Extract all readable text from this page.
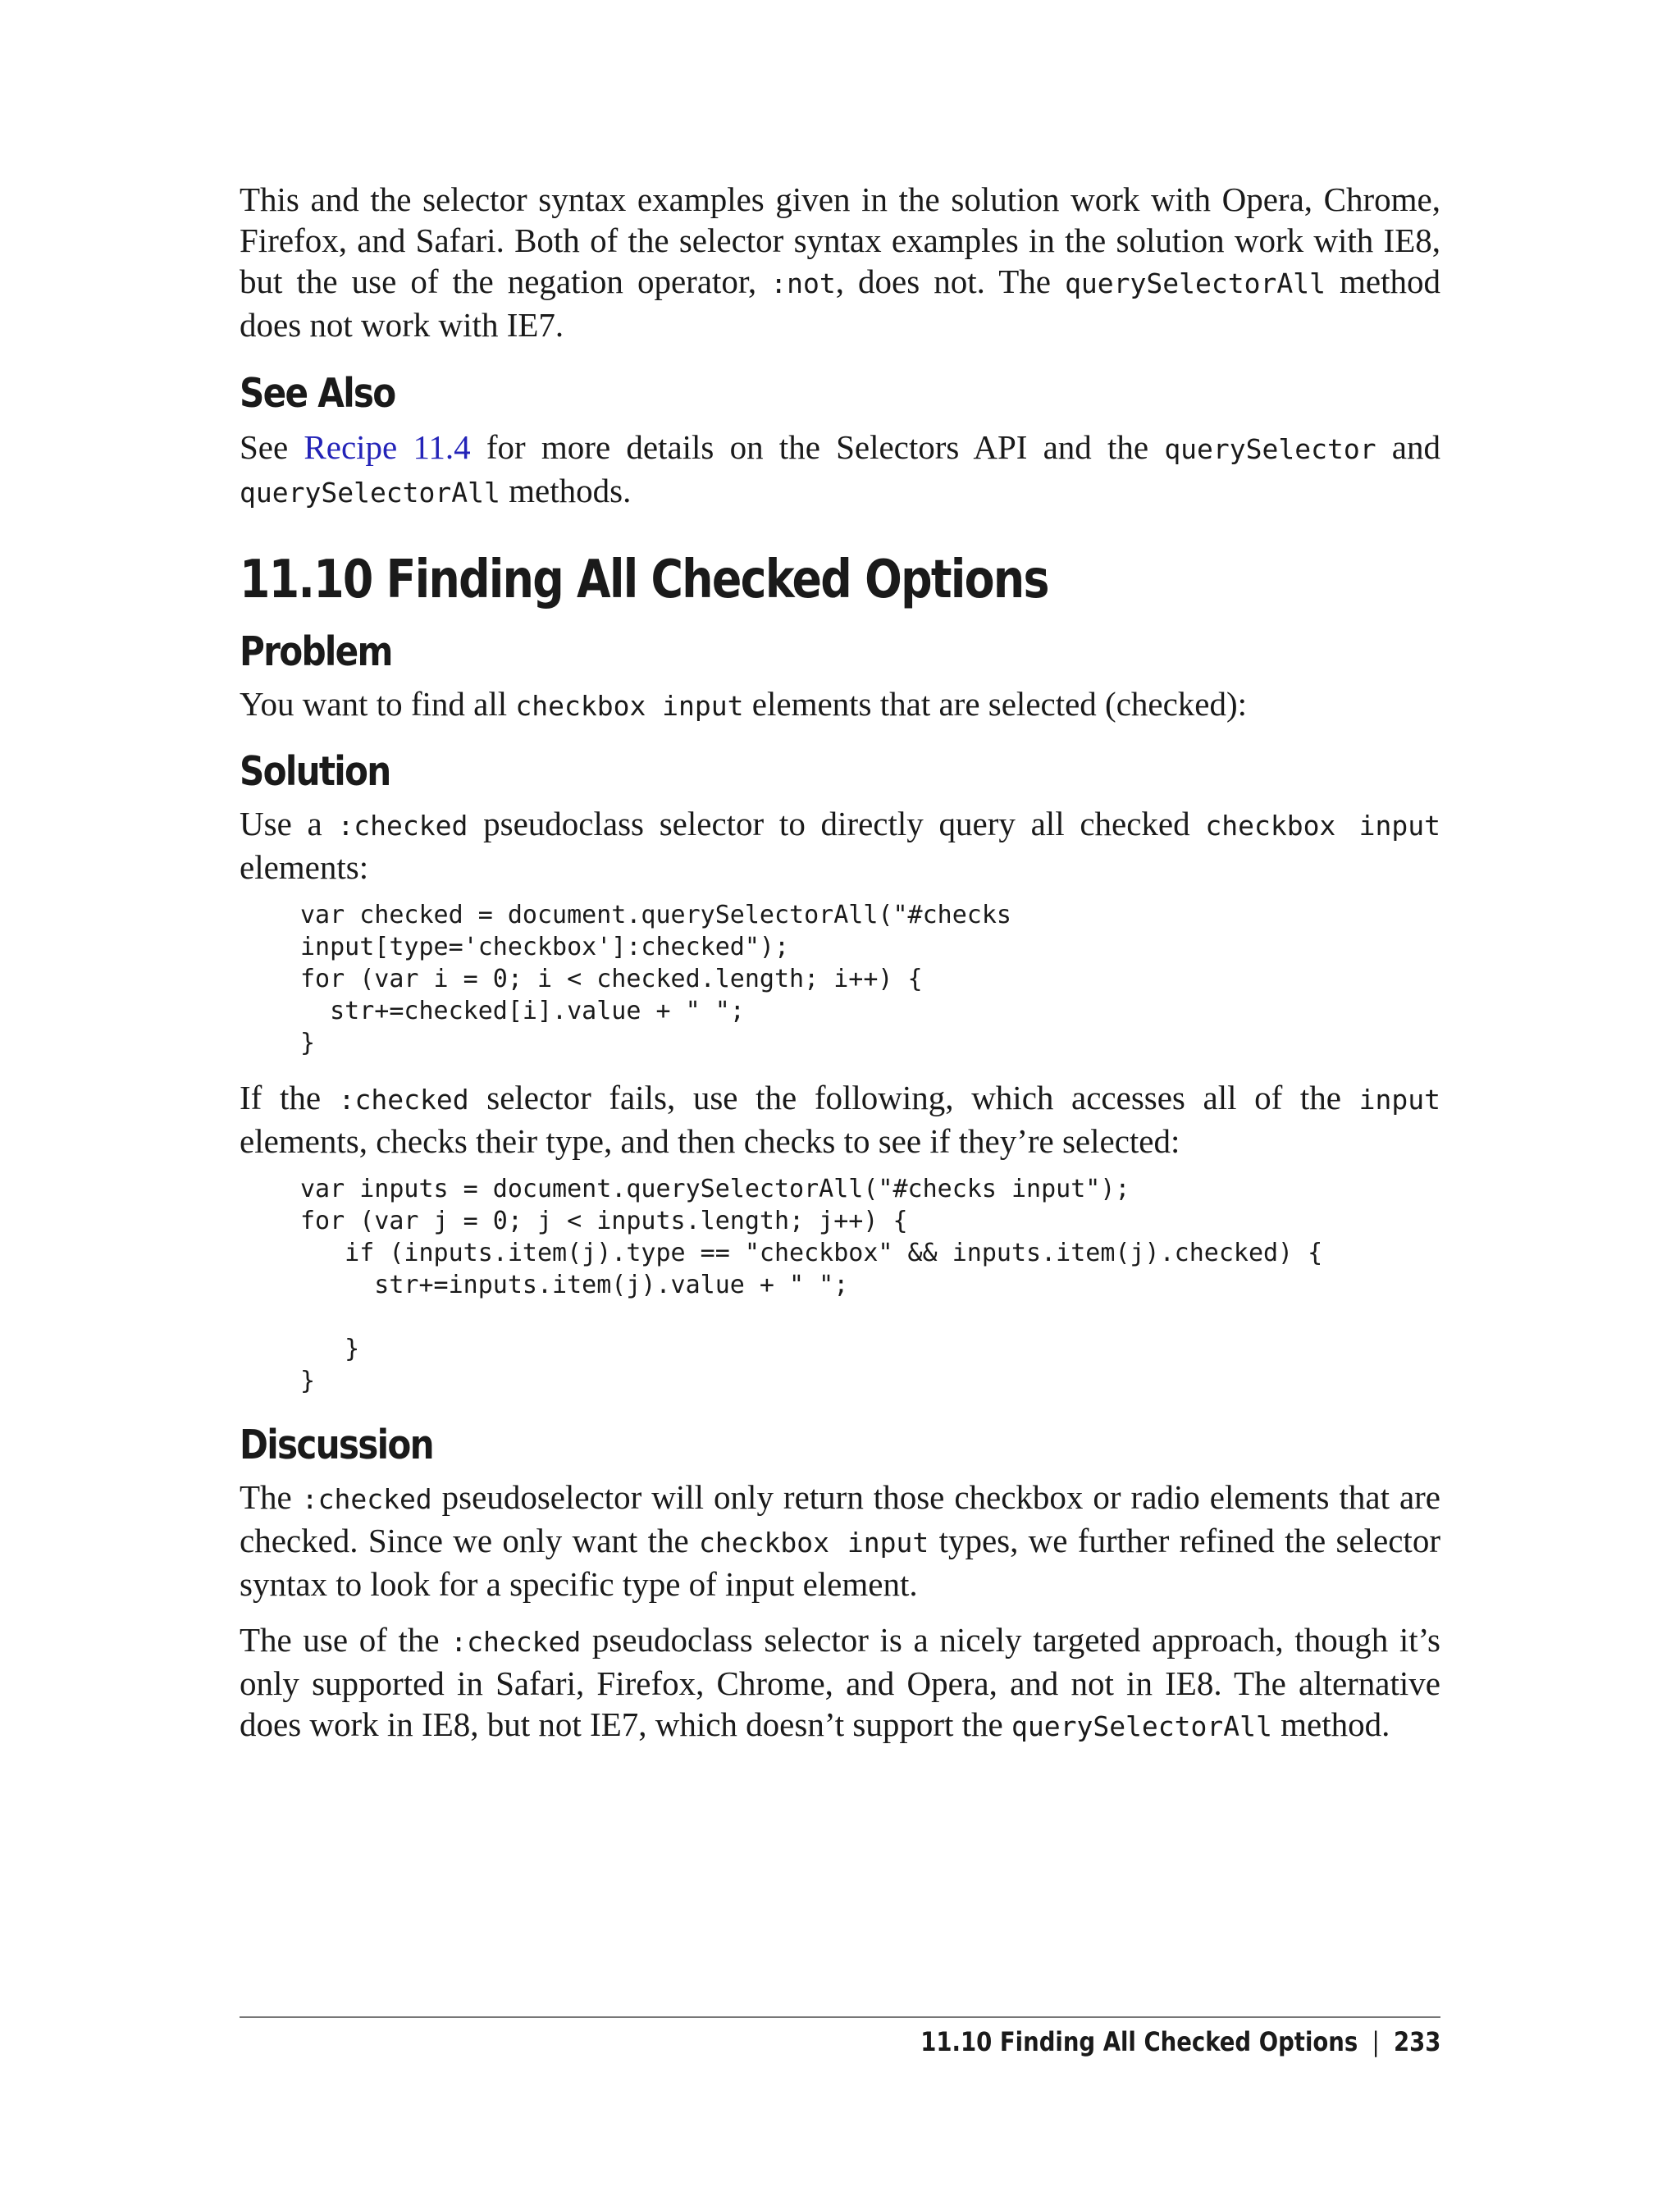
This and the selector syntax examples given in the solution work with Opera, Chrome, Firefox, and Safari. Both of the selector syntax examples in the solution work with IE8, but the use of the negation operator, :not, does not. The querySelectorAll method does not work with IE7.

See Also

See Recipe 11.4 for more details on the Selectors API and the querySelector and querySelectorAll methods.

11.10 Finding All Checked Options
Problem

You want to find all checkbox input elements that are selected (checked):

Solution

Use a :checked pseudoclass selector to directly query all checked checkbox input elements:

var checked = document.querySelectorAll("#checks
input[type='checkbox']:checked");
for (var i = 0; i < checked.length; i++) {
str+=checked[i].value + " ";
}

If the :checked selector fails, use the following, which accesses all of the input elements, checks their type, and then checks to see if they’re selected:

var inputs = document.querySelectorAll("#checks input");
for (var j = 0; j < inputs.length; j++) {
if (inputs.item(j).type == "checkbox" && inputs.item(j).checked) {
str+=inputs.item(j).value + " ";

}
}
Discussion

The :checked pseudoselector will only return those checkbox or radio elements that are checked. Since we only want the checkbox input types, we further refined the selector syntax to look for a specific type of input element.

The use of the :checked pseudoclass selector is a nicely targeted approach, though it’s only supported in Safari, Firefox, Chrome, and Opera, and not in IE8. The alternative does work in IE8, but not IE7, which doesn’t support the querySelectorAll method.

11.10 Finding All Checked Options | 233
